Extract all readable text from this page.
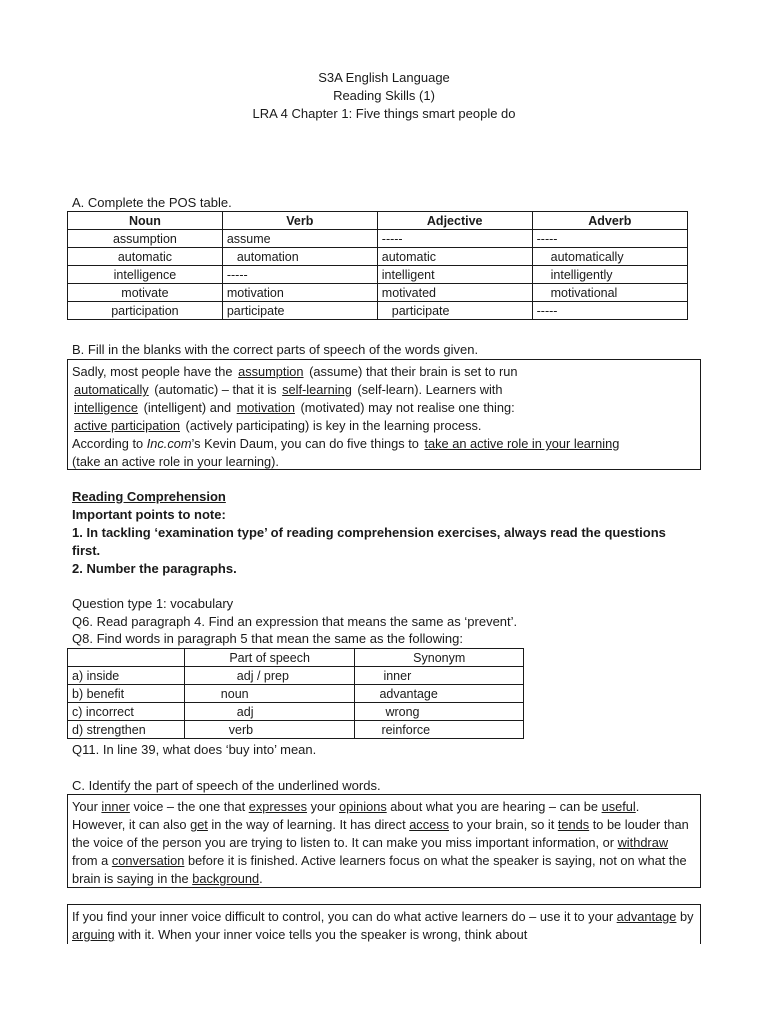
S3A English Language
Reading Skills (1)
LRA 4 Chapter 1: Five things smart people do
A. Complete the POS table.
Noun	Verb	Adjective	Adverb
assumption	assume	-----	-----
automatic	automation	automatic	automatically
intelligence	-----	intelligent	intelligently
motivate	motivation	motivated	motivational
participation	participate	participate	-----
B. Fill in the blanks with the correct parts of speech of the words given.
Sadly, most people have the assumption (assume) that their brain is set to run
automatically (automatic) – that it is self-learning (self-learn). Learners with
intelligence (intelligent) and motivation (motivated) may not realise one thing:
active participation (actively participating) is key in the learning process.
According to Inc.com’s Kevin Daum, you can do five things to take an active role in your learning
(take an active role in your learning).
Reading Comprehension
Important points to note:
1. In tackling ‘examination type’ of reading comprehension exercises, always read the questions
first.
2. Number the paragraphs.
Question type 1: vocabulary
Q6. Read paragraph 4. Find an expression that means the same as ‘prevent’.
Q8. Find words in paragraph 5 that mean the same as the following:
	Part of speech	Synonym
a) inside	adj / prep	inner
b) benefit	noun	advantage
c) incorrect	adj	wrong
d) strengthen	verb	reinforce
Q11. In line 39, what does ‘buy into’ mean.
C. Identify the part of speech of the underlined words.
Your inner voice – the one that expresses your opinions about what you are hearing – can be useful. However, it can also get in the way of learning. It has direct access to your brain, so it tends to be louder than the voice of the person you are trying to listen to. It can make you miss important information, or withdraw from a conversation before it is finished. Active learners focus on what the speaker is saying, not on what the brain is saying in the background.
If you find your inner voice difficult to control, you can do what active learners do – use it to your advantage by arguing with it. When your inner voice tells you the speaker is wrong, think about
